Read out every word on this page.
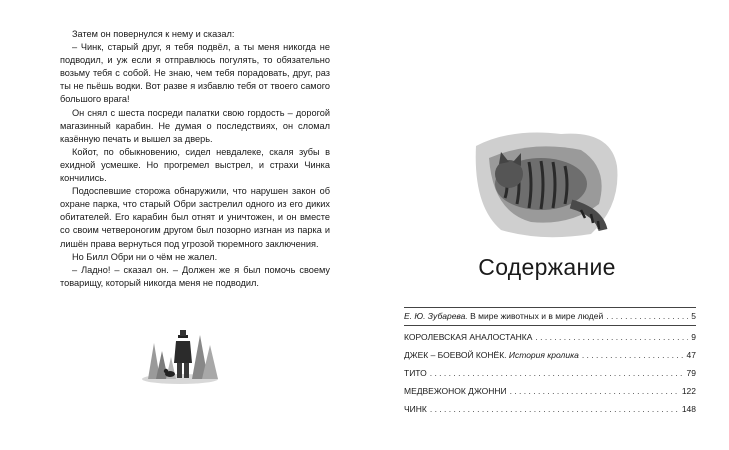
Затем он повернулся к нему и сказал:

– Чинк, старый друг, я тебя подвёл, а ты меня никогда не подводил, и уж если я отправлюсь погулять, то обязательно возьму тебя с собой. Не знаю, чем тебя порадовать, друг, раз ты не пьёшь водки. Вот разве я избавлю тебя от твоего самого большого врага!

Он снял с шеста посреди палатки свою гордость – дорогой магазинный карабин. Не думая о последствиях, он сломал казённую печать и вышел за дверь.

Койот, по обыкновению, сидел невдалеке, скаля зубы в ехидной усмешке. Но прогремел выстрел, и страхи Чинка кончились.

Подоспевшие сторожа обнаружили, что нарушен закон об охране парка, что старый Обри застрелил одного из его диких обитателей. Его карабин был отнят и уничтожен, и он вместе со своим четвероногим другом был позорно изгнан из парка и лишён права вернуться под угрозой тюремного заключения.

Но Билл Обри ни о чём не жалел.

– Ладно! – сказал он. – Должен же я был помочь своему товарищу, который никогда меня не подводил.

Содержание
Е. Ю. Зубарева. В мире животных и в мире людей . . .	5
КОРОЛЕВСКАЯ АНАЛОСТАНКА . . .	9
ДЖЕК – БОЕВОЙ КОНЁК. История кролика . . .	47
ТИТО . . .	79
МЕДВЕЖОНОК ДЖОННИ . . .	122
ЧИНК . . .	148
